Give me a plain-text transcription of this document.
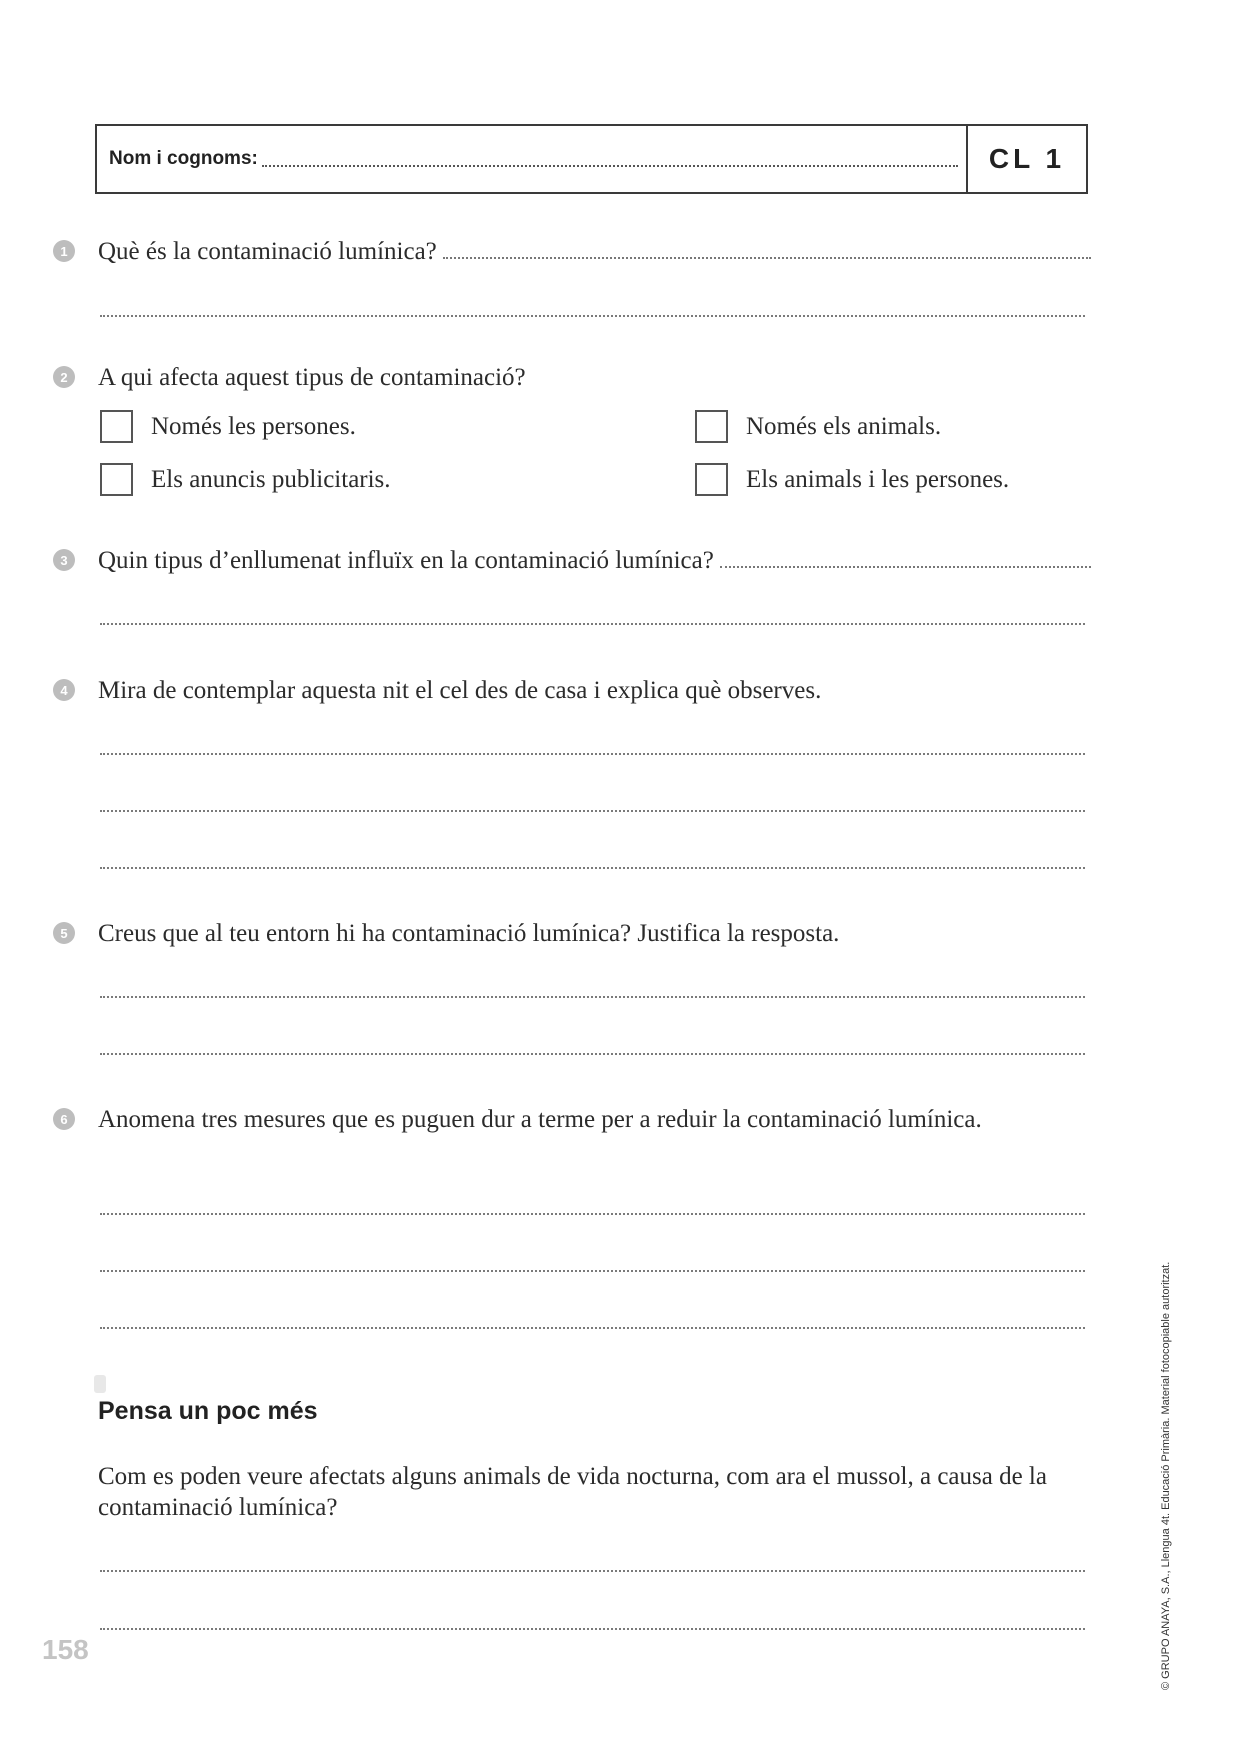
Nom i cognoms:	CL 1
1 Què és la contaminació lumínica?
2 A qui afecta aquest tipus de contaminació?
Només les persones.	Només els animals.
Els anuncis publicitaris.	Els animals i les persones.
3 Quin tipus d’enllumenat influïx en la contaminació lumínica?
4 Mira de contemplar aquesta nit el cel des de casa i explica què observes.
5 Creus que al teu entorn hi ha contaminació lumínica? Justifica la resposta.
6 Anomena tres mesures que es puguen dur a terme per a reduir la contaminació lumínica.
Pensa un poc més
Com es poden veure afectats alguns animals de vida nocturna, com ara el mussol, a causa de la contaminació lumínica?
158	© GRUPO ANAYA, S.A., Llengua 4t. Educació Primària. Material fotocopiable autoritzat.
